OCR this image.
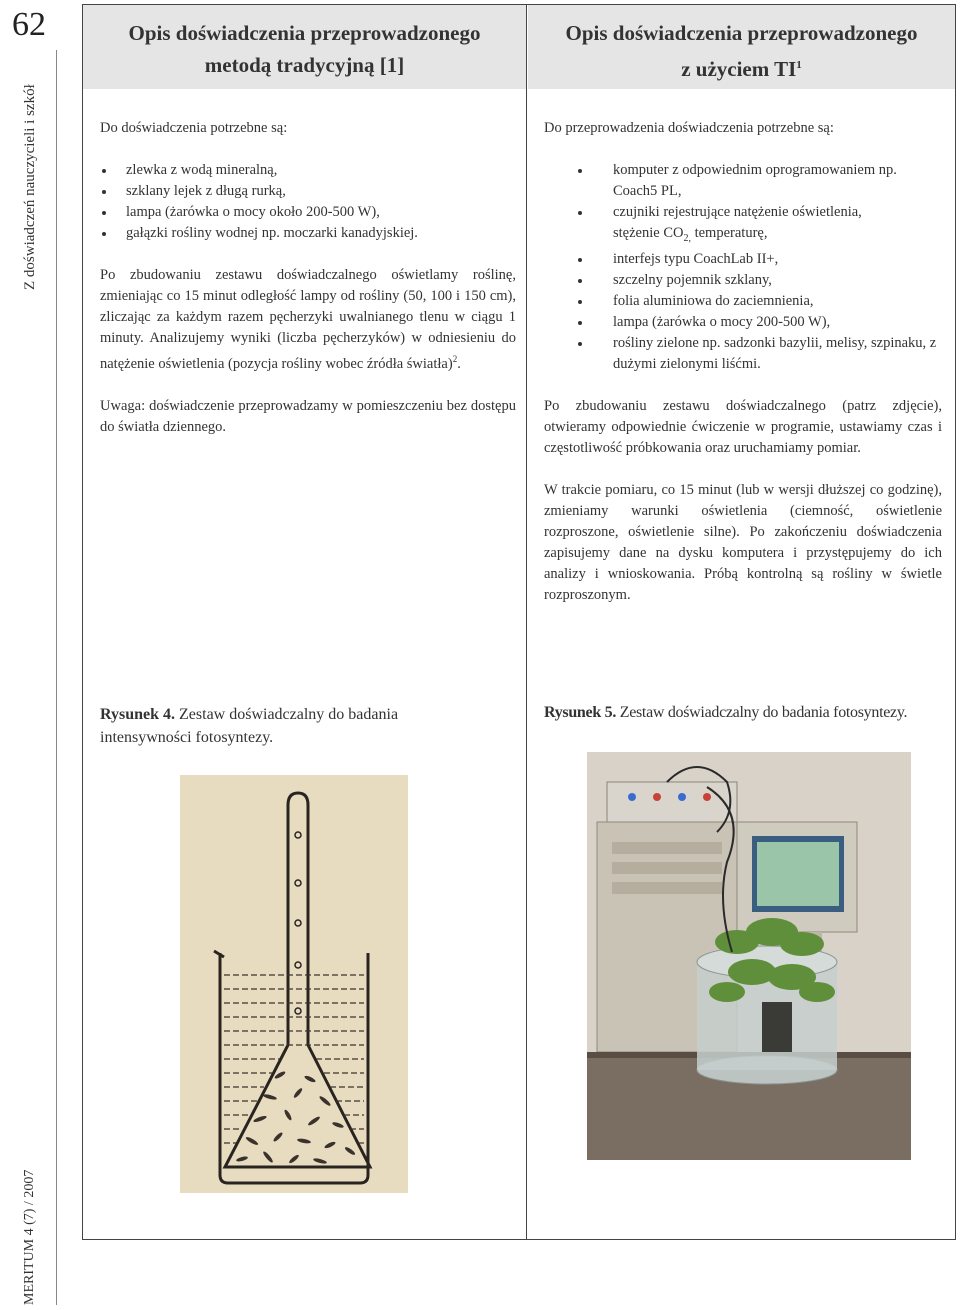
62
Z doświadczeń nauczycieli i szkół
MERITUM 4 (7) / 2007
Opis doświadczenia przeprowadzonego
metodą tradycyjną [1]
Opis doświadczenia przeprowadzonego
z użyciem $TI^1$

Do doświadczenia potrzebne są:

zlewka z wodą mineralną,
szklany lejek z długą rurką,
lampa (żarówka o mocy około 200-500 W),
gałązki rośliny wodnej np. moczarki kanadyjskiej.

Po zbudowaniu zestawu doświadczalnego oświetlamy roślinę, zmieniając co 15 minut odległość lampy od rośliny (50, 100 i 150 cm), zliczając za każdym razem pęcherzyki uwalnianego tlenu w ciągu 1 minuty. Analizujemy wyniki (liczba pęcherzyków) w odniesieniu do natężenie oświetlenia (pozycja rośliny wobec źródła światła)$^2$.

Uwaga: doświadczenie przeprowadzamy w pomieszczeniu bez dostępu do światła dziennego.

Do przeprowadzenia doświadczenia potrzebne są:

komputer z odpowiednim oprogramowaniem np. Coach5 PL,
czujniki rejestrujące natężenie oświetlenia,
stężenie $CO_{2,}$ temperaturę,
interfejs typu CoachLab II+,
szczelny pojemnik szklany,
folia aluminiowa do zaciemnienia,
lampa (żarówka o mocy 200-500 W),
rośliny zielone np. sadzonki bazylii, melisy, szpinaku, z dużymi zielonymi liśćmi.

Po zbudowaniu zestawu doświadczalnego (patrz zdjęcie), otwieramy odpowiednie ćwiczenie w programie, ustawiamy czas i częstotliwość próbkowania oraz uruchamiamy pomiar.

W trakcie pomiaru, co 15 minut (lub w wersji dłuższej co godzinę), zmieniamy warunki oświetlenia (ciemność, oświetlenie rozproszone, oświetlenie silne). Po zakończeniu doświadczenia zapisujemy dane na dysku komputera i przystępujemy do ich analizy i wnioskowania. Próbą kontrolną są rośliny w świetle rozproszonym.

Rysunek 4. Zestaw doświadczalny do badania intensywności fotosyntezy.
Rysunek 5. Zestaw doświadczalny do badania fotosyntezy.
